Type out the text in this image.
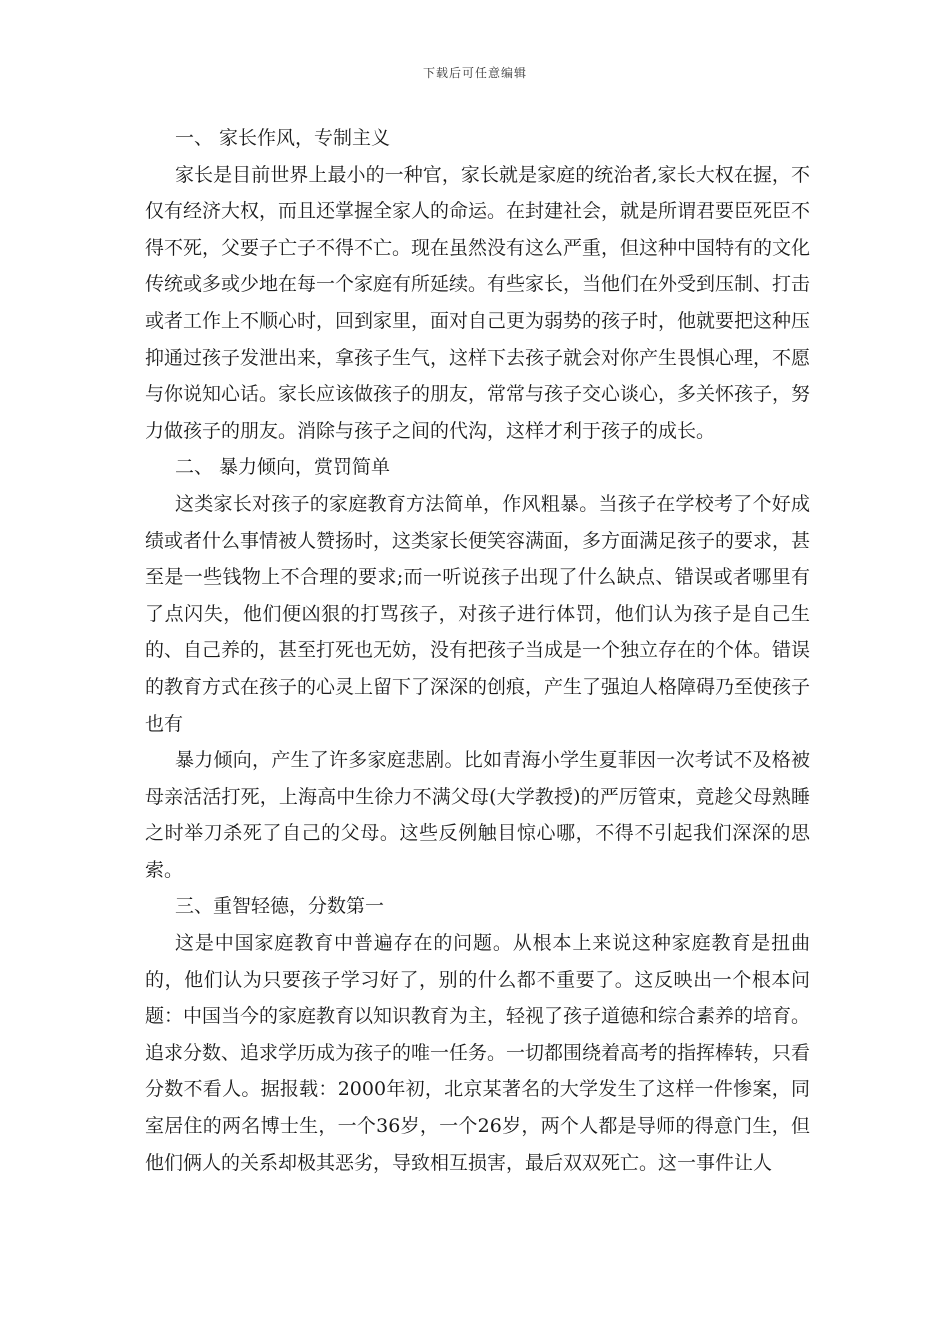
下载后可任意编辑

一、 家长作风，专制主义

家长是目前世界上最小的一种官，家长就是家庭的统治者,家长大权在握，不仅有经济大权，而且还掌握全家人的命运。在封建社会，就是所谓君要臣死臣不得不死，父要子亡子不得不亡。现在虽然没有这么严重，但这种中国特有的文化传统或多或少地在每一个家庭有所延续。有些家长，当他们在外受到压制、打击或者工作上不顺心时，回到家里，面对自己更为弱势的孩子时，他就要把这种压抑通过孩子发泄出来，拿孩子生气，这样下去孩子就会对你产生畏惧心理，不愿与你说知心话。家长应该做孩子的朋友，常常与孩子交心谈心，多关怀孩子，努力做孩子的朋友。消除与孩子之间的代沟，这样才利于孩子的成长。

二、 暴力倾向，赏罚简单

这类家长对孩子的家庭教育方法简单，作风粗暴。当孩子在学校考了个好成绩或者什么事情被人赞扬时，这类家长便笑容满面，多方面满足孩子的要求，甚至是一些钱物上不合理的要求;而一听说孩子出现了什么缺点、错误或者哪里有了点闪失，他们便凶狠的打骂孩子，对孩子进行体罚，他们认为孩子是自己生的、自己养的，甚至打死也无妨，没有把孩子当成是一个独立存在的个体。错误的教育方式在孩子的心灵上留下了深深的创痕，产生了强迫人格障碍乃至使孩子也有

暴力倾向，产生了许多家庭悲剧。比如青海小学生夏菲因一次考试不及格被母亲活活打死，上海高中生徐力不满父母(大学教授)的严厉管束，竟趁父母熟睡之时举刀杀死了自己的父母。这些反例触目惊心哪，不得不引起我们深深的思索。

三、重智轻德，分数第一

这是中国家庭教育中普遍存在的问题。从根本上来说这种家庭教育是扭曲的，他们认为只要孩子学习好了，别的什么都不重要了。这反映出一个根本问题：中国当今的家庭教育以知识教育为主，轻视了孩子道德和综合素养的培育。追求分数、追求学历成为孩子的唯一任务。一切都围绕着高考的指挥棒转，只看分数不看人。据报载：2000年初，北京某著名的大学发生了这样一件惨案，同室居住的两名博士生，一个36岁，一个26岁，两个人都是导师的得意门生，但他们俩人的关系却极其恶劣，导致相互损害，最后双双死亡。这一事件让人
